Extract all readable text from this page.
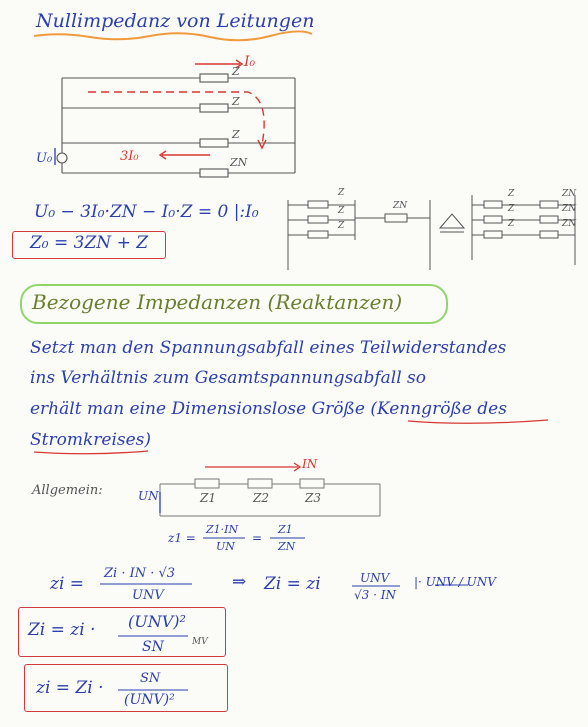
Nullimpedanz von Leitungen
I₀
Z
Z
Z
ZN
U₀	3I₀
U₀ − 3I₀·ZN − I₀·Z = 0 |:I₀
Z₀ = 3ZN + Z
Z
Z
Z
ZN
Z
Z
Z
ZN
ZN
ZN
Bezogene Impedanzen (Reaktanzen)
Setzt man den Spannungsabfall eines Teilwiderstandes
ins Verhältnis zum Gesamtspannungsabfall so
erhält man eine Dimensionslose Größe (Kenngröße des
Stromkreises)
Allgemein:
IN
UN	Z1	Z2	Z3
z1 =
Z1·IN
UN
=
Z1
ZN
zi =
Zi · IN · √3
UNV
⇒ Zi = zi	UNV
√3 · IN
|· UNV / UNV
Zi = zi · (UNV)²
SN	MV
zi = Zi ·	SN
(UNV)²
